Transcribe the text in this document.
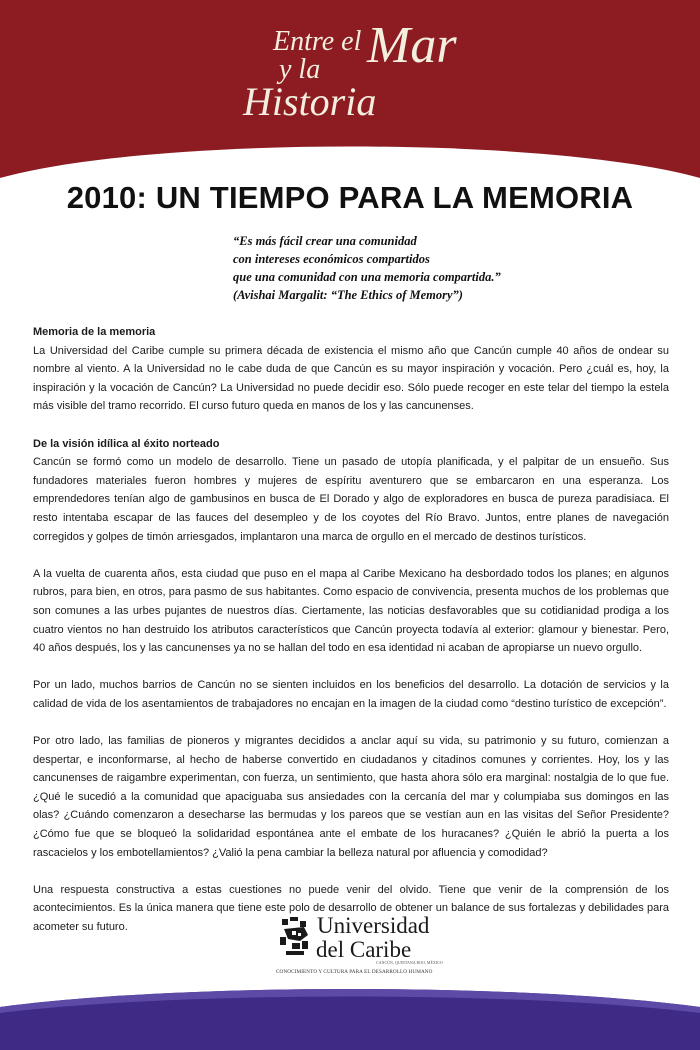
Entre el Mar
y la
Historia
2010: UN TIEMPO PARA LA MEMORIA
“Es más fácil crear una comunidad
con intereses económicos compartidos
que una comunidad con una memoria compartida.”
(Avishai Margalit: “The Ethics of Memory”)
Memoria de la memoria

La Universidad del Caribe cumple su primera década de existencia el mismo año que Cancún cumple 40 años de ondear su nombre al viento. A la Universidad no le cabe duda de que Cancún es su mayor inspiración y vocación. Pero ¿cuál es, hoy, la inspiración y la vocación de Cancún? La Universidad no puede decidir eso. Sólo puede recoger en este telar del tiempo la estela más visible del tramo recorrido. El curso futuro queda en manos de los y las cancunenses.

De la visión idílica al éxito norteado

Cancún se formó como un modelo de desarrollo. Tiene un pasado de utopía planificada, y el palpitar de un ensueño. Sus fundadores materiales fueron hombres y mujeres de espíritu aventurero que se embarcaron en una esperanza. Los emprendedores tenían algo de gambusinos en busca de El Dorado y algo de exploradores en busca de pureza paradisiaca. El resto intentaba escapar de las fauces del desempleo y de los coyotes del Río Bravo. Juntos, entre planes de navegación corregidos y golpes de timón arriesgados, implantaron una marca de orgullo en el mercado de destinos turísticos.

A la vuelta de cuarenta años, esta ciudad que puso en el mapa al Caribe Mexicano ha desbordado todos los planes; en algunos rubros, para bien, en otros, para pasmo de sus habitantes. Como espacio de convivencia, presenta muchos de los problemas que son comunes a las urbes pujantes de nuestros días. Ciertamente, las noticias desfavorables que su cotidianidad prodiga a los cuatro vientos no han destruido los atributos característicos que Cancún proyecta todavía al exterior: glamour y bienestar. Pero, 40 años después, los y las cancunenses ya no se hallan del todo en esa identidad ni acaban de apropiarse un nuevo orgullo.

Por un lado, muchos barrios de Cancún no se sienten incluidos en los beneficios del desarrollo. La dotación de servicios y la calidad de vida de los asentamientos de trabajadores no encajan en la imagen de la ciudad como “destino turístico de excepción”.

Por otro lado, las familias de pioneros y migrantes decididos a anclar aquí su vida, su patrimonio y su futuro, comienzan a despertar, e inconformarse, al hecho de haberse convertido en ciudadanos y citadinos comunes y corrientes. Hoy, los y las cancunenses de raigambre experimentan, con fuerza, un sentimiento, que hasta ahora sólo era marginal: nostalgia de lo que fue. ¿Qué le sucedió a la comunidad que apaciguaba sus ansiedades con la cercanía del mar y columpiaba sus domingos en las olas? ¿Cuándo comenzaron a desecharse las bermudas y los pareos que se vestían aun en las visitas del Señor Presidente? ¿Cómo fue que se bloqueó la solidaridad espontánea ante el embate de los huracanes? ¿Quién le abrió la puerta a los rascacielos y los embotellamientos? ¿Valió la pena cambiar la belleza natural por afluencia y comodidad?

Una respuesta constructiva a estas cuestiones no puede venir del olvido. Tiene que venir de la comprensión de los acontecimientos. Es la única manera que tiene este polo de desarrollo de obtener un balance de sus fortalezas y debilidades para acometer su futuro.	Universidad
del Caribe
CANCÚN, QUINTANA ROO, MÉXICO
CONOCIMIENTO Y CULTURA PARA EL DESARROLLO HUMANO
